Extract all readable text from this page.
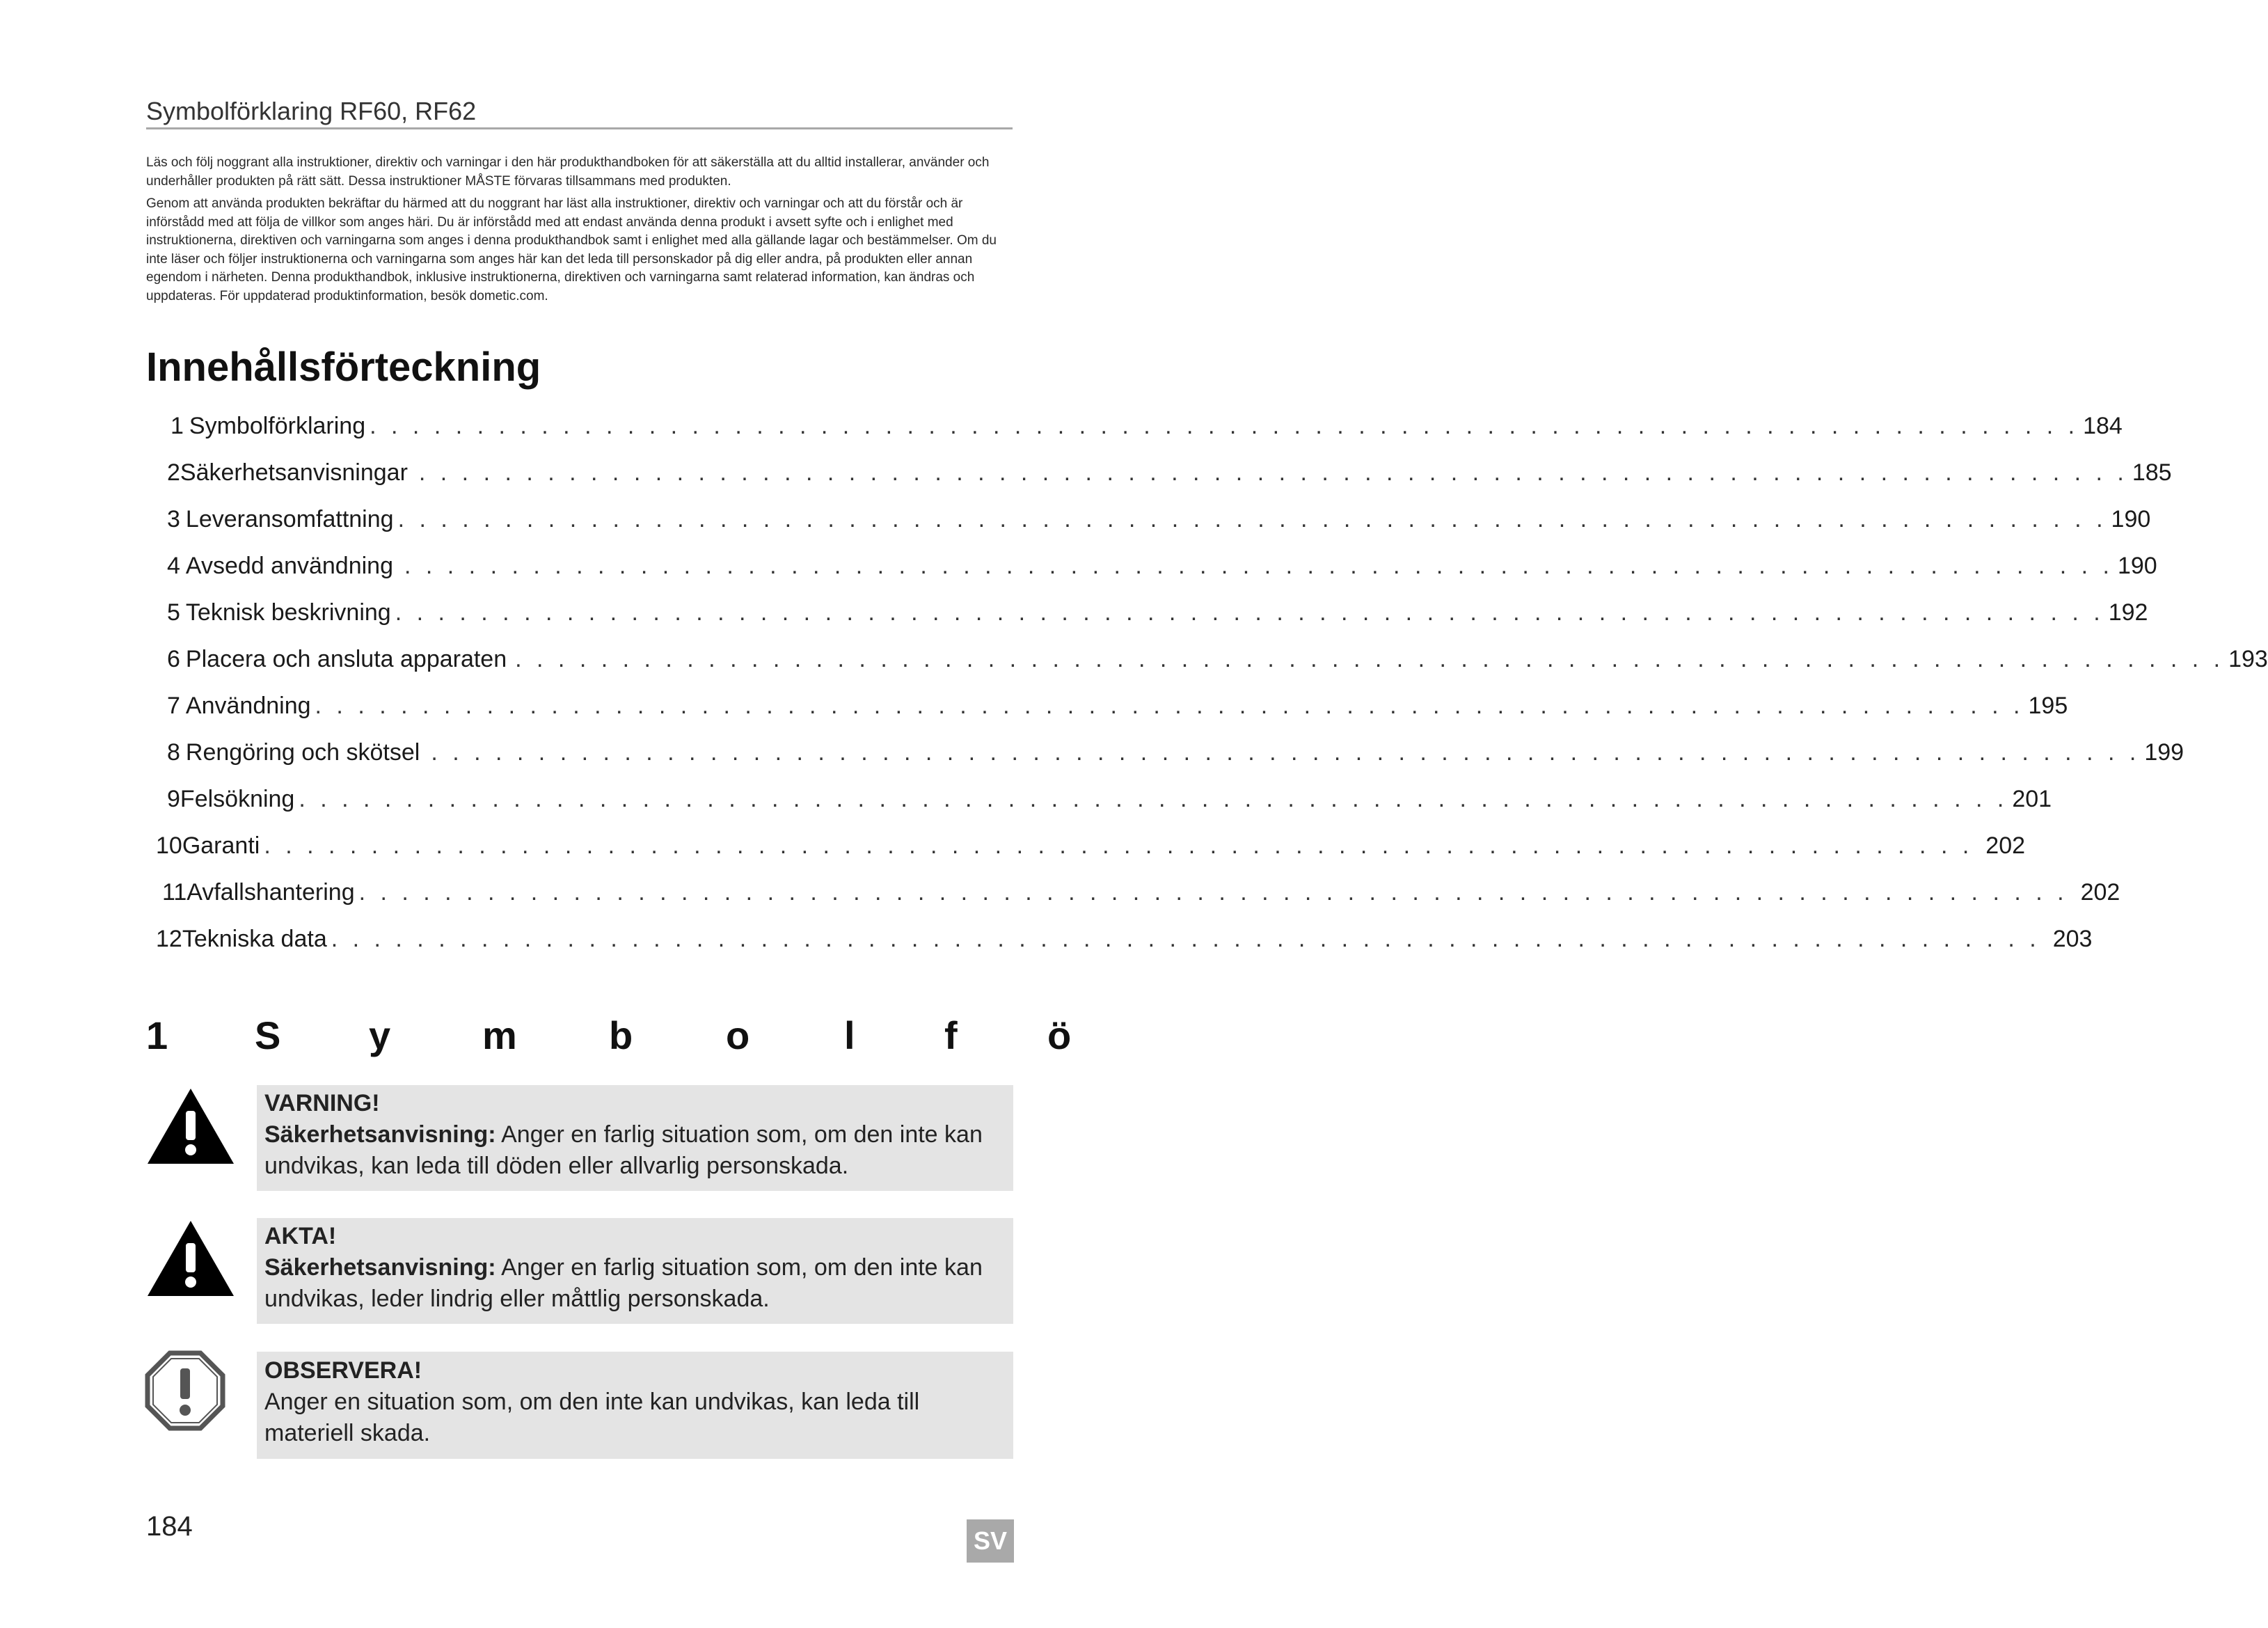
Symbolförklaring RF60, RF62

Läs och följ noggrant alla instruktioner, direktiv och varningar i den här produkthandboken för att säkerställa att du alltid installerar, använder och underhåller produkten på rätt sätt. Dessa instruktioner MÅSTE förvaras tillsammans med produkten.

Genom att använda produkten bekräftar du härmed att du noggrant har läst alla instruktioner, direktiv och varningar och att du förstår och är införstådd med att följa de villkor som anges häri. Du är införstådd med att endast använda denna produkt i avsett syfte och i enlighet med instruktionerna, direktiven och varningarna som anges i denna produkthandbok samt i enlighet med alla gällande lagar och bestämmelser. Om du inte läser och följer instruktionerna och varningarna som anges här kan det leda till personskador på dig eller andra, på produkten eller annan egendom i närheten. Denna produkthandbok, inklusive instruktionerna, direktiven och varningarna samt relaterad information, kan ändras och uppdateras. För uppdaterad produktinformation, besök dometic.com.

Innehållsförteckning
1 Symbolförklaring . . . . . . . . . . . . . . . . . . . . . . . . . . . . . . . . . . . . . . . . . . . . . . . . . . . . . . . . . . . . . . . . . . . . . . . . . . . . . . . . 184
2 Säkerhetsanvisningar . . . . . . . . . . . . . . . . . . . . . . . . . . . . . . . . . . . . . . . . . . . . . . . . . . . . . . . . . . . . . . . . . . . . . . . . . . . . . . . . 185
3 Leveransomfattning . . . . . . . . . . . . . . . . . . . . . . . . . . . . . . . . . . . . . . . . . . . . . . . . . . . . . . . . . . . . . . . . . . . . . . . . . . . . . . . . 190
4 Avsedd användning . . . . . . . . . . . . . . . . . . . . . . . . . . . . . . . . . . . . . . . . . . . . . . . . . . . . . . . . . . . . . . . . . . . . . . . . . . . . . . . . 190
5 Teknisk beskrivning . . . . . . . . . . . . . . . . . . . . . . . . . . . . . . . . . . . . . . . . . . . . . . . . . . . . . . . . . . . . . . . . . . . . . . . . . . . . . . . . 192
6 Placera och ansluta apparaten . . . . . . . . . . . . . . . . . . . . . . . . . . . . . . . . . . . . . . . . . . . . . . . . . . . . . . . . . . . . . . . . . . . . . . . . . . . . . . . . 193
7 Användning . . . . . . . . . . . . . . . . . . . . . . . . . . . . . . . . . . . . . . . . . . . . . . . . . . . . . . . . . . . . . . . . . . . . . . . . . . . . . . . . 195
8 Rengöring och skötsel . . . . . . . . . . . . . . . . . . . . . . . . . . . . . . . . . . . . . . . . . . . . . . . . . . . . . . . . . . . . . . . . . . . . . . . . . . . . . . . . 199
9 Felsökning . . . . . . . . . . . . . . . . . . . . . . . . . . . . . . . . . . . . . . . . . . . . . . . . . . . . . . . . . . . . . . . . . . . . . . . . . . . . . . . . 201
10 Garanti . . . . . . . . . . . . . . . . . . . . . . . . . . . . . . . . . . . . . . . . . . . . . . . . . . . . . . . . . . . . . . . . . . . . . . . . . . . . . . . . 202
11 Avfallshantering . . . . . . . . . . . . . . . . . . . . . . . . . . . . . . . . . . . . . . . . . . . . . . . . . . . . . . . . . . . . . . . . . . . . . . . . . . . . . . . . 202
12 Tekniska data . . . . . . . . . . . . . . . . . . . . . . . . . . . . . . . . . . . . . . . . . . . . . . . . . . . . . . . . . . . . . . . . . . . . . . . . . . . . . . . . 203
1 S y m b o l f ö
VARNING!
Säkerhetsanvisning: Anger en farlig situation som, om den inte kan undvikas, kan leda till döden eller allvarlig personskada.
AKTA!
Säkerhetsanvisning: Anger en farlig situation som, om den inte kan undvikas, leder lindrig eller måttlig personskada.
OBSERVERA!
Anger en situation som, om den inte kan undvikas, kan leda till materiell skada.
184	SV
